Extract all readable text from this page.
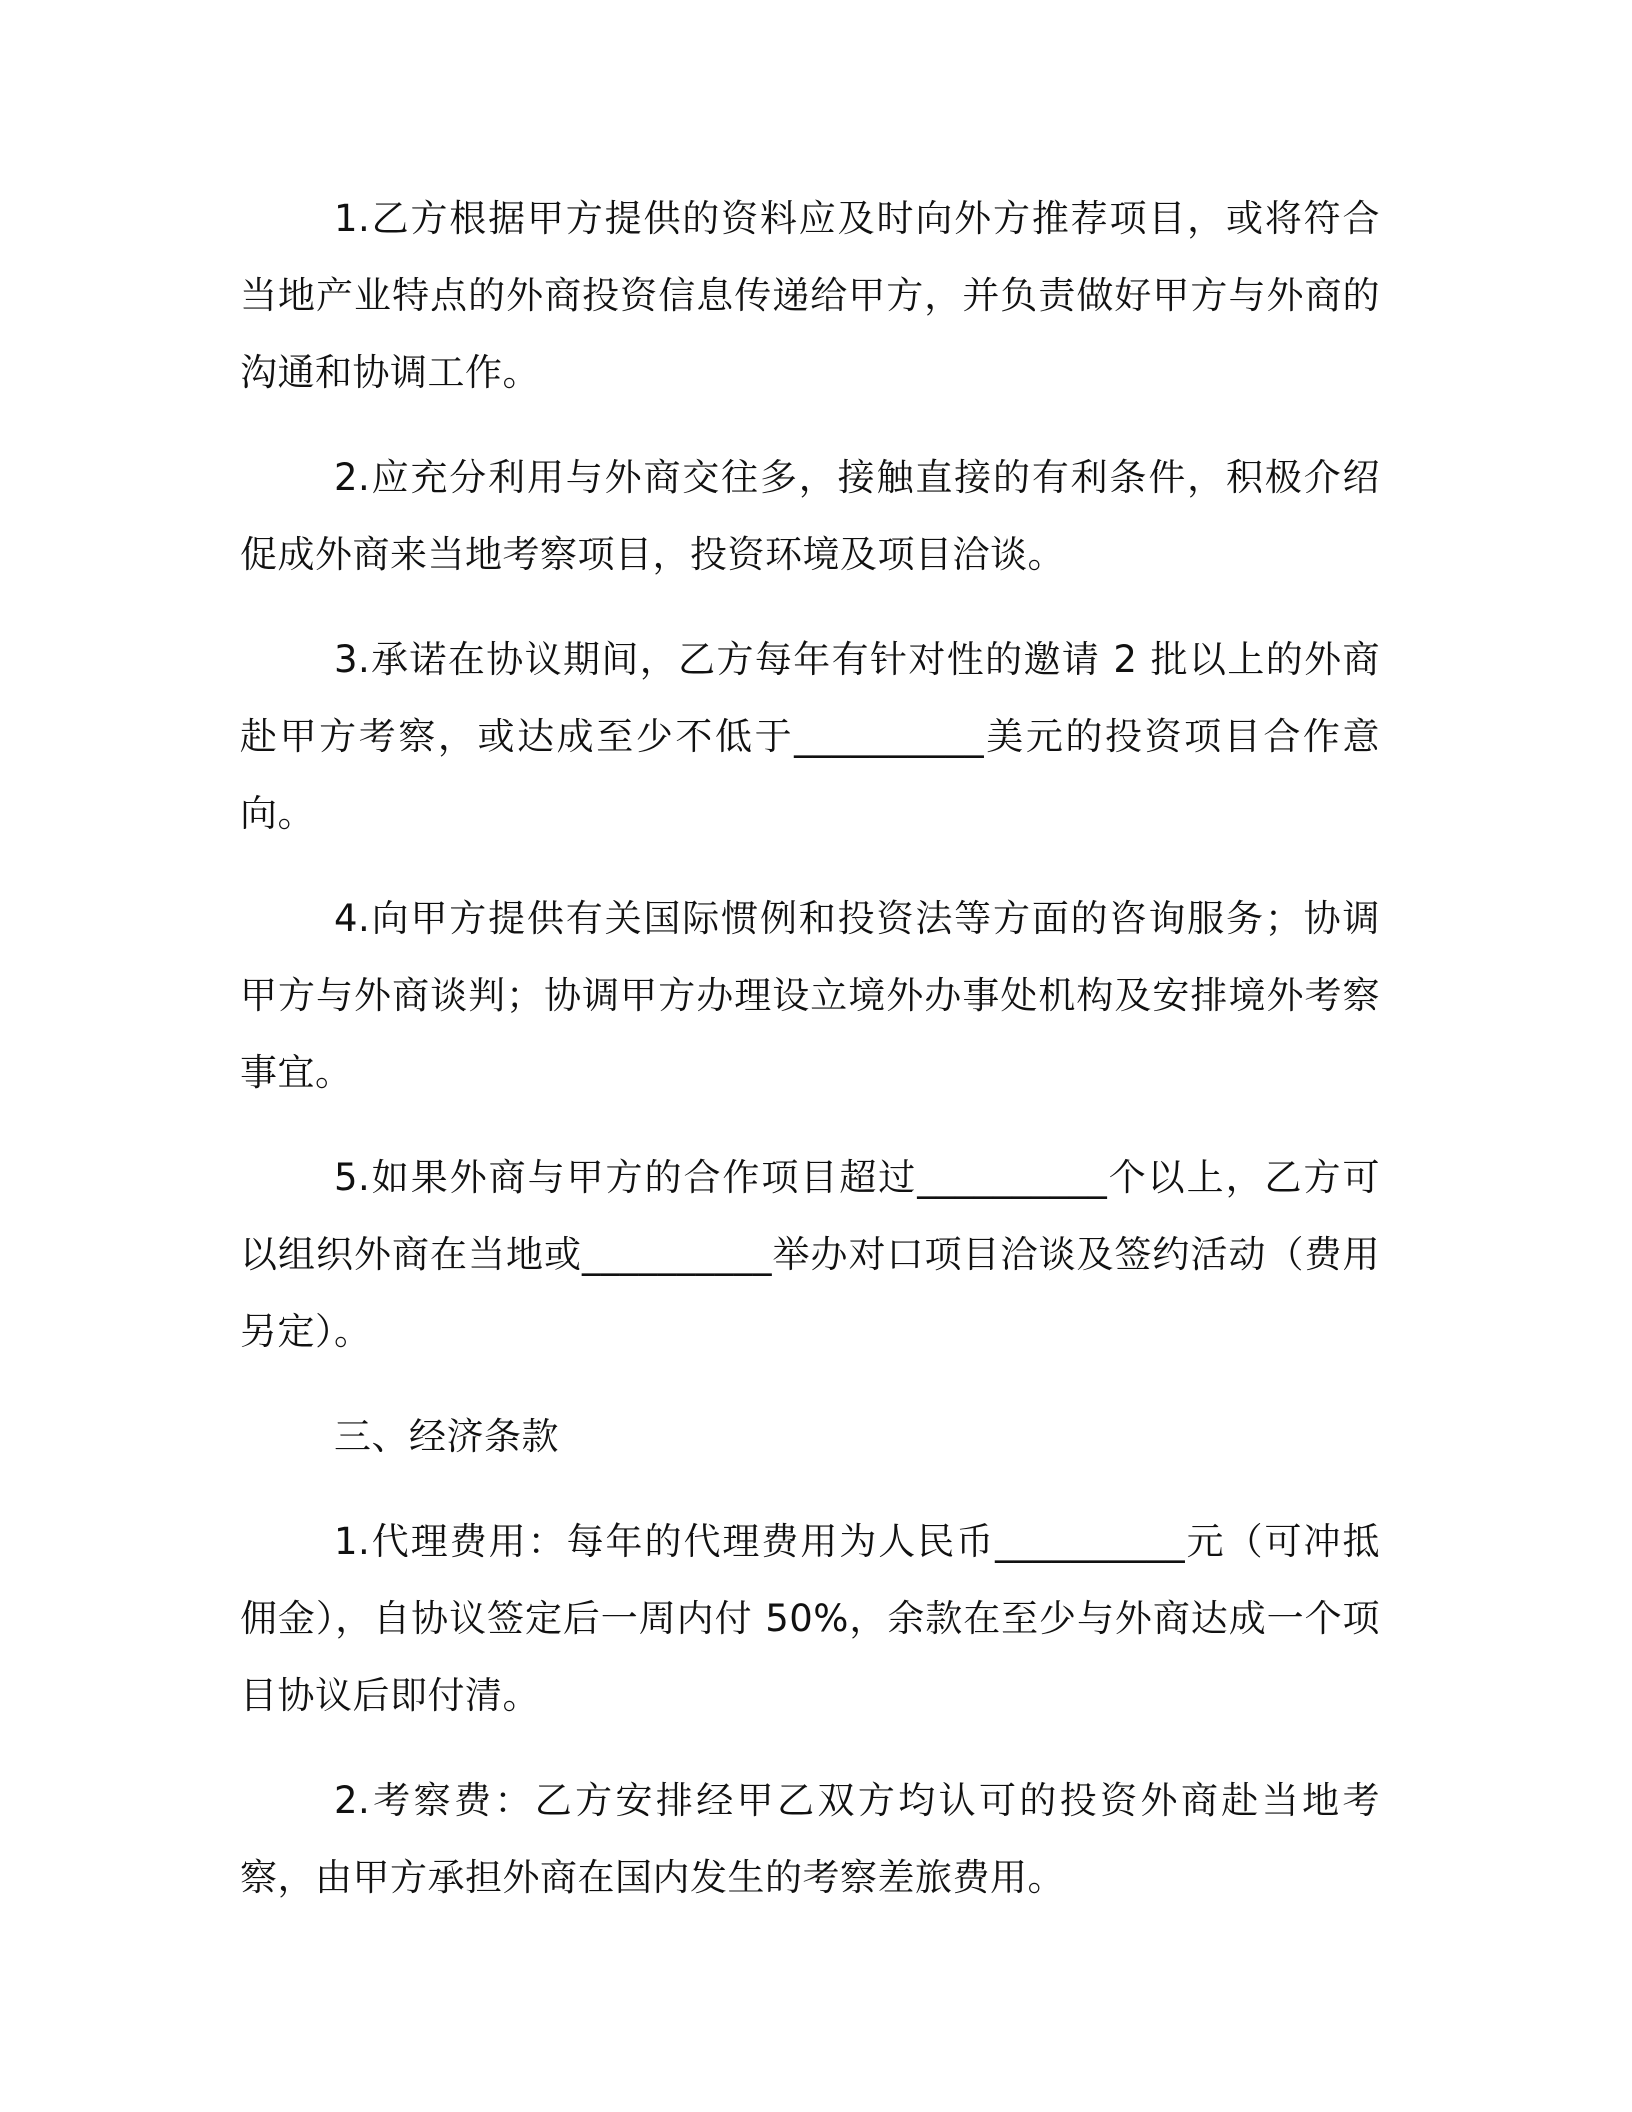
1.乙方根据甲方提供的资料应及时向外方推荐项目，或将符合当地产业特点的外商投资信息传递给甲方，并负责做好甲方与外商的沟通和协调工作。

2.应充分利用与外商交往多，接触直接的有利条件，积极介绍促成外商来当地考察项目，投资环境及项目洽谈。

3.承诺在协议期间，乙方每年有针对性的邀请 2 批以上的外商赴甲方考察，或达成至少不低于__________美元的投资项目合作意向。

4.向甲方提供有关国际惯例和投资法等方面的咨询服务；协调甲方与外商谈判；协调甲方办理设立境外办事处机构及安排境外考察事宜。

5.如果外商与甲方的合作项目超过__________个以上，乙方可以组织外商在当地或__________举办对口项目洽谈及签约活动（费用另定）。

三、经济条款

1.代理费用：每年的代理费用为人民币__________元（可冲抵佣金），自协议签定后一周内付 50%，余款在至少与外商达成一个项目协议后即付清。

2.考察费：乙方安排经甲乙双方均认可的投资外商赴当地考察，由甲方承担外商在国内发生的考察差旅费用。
